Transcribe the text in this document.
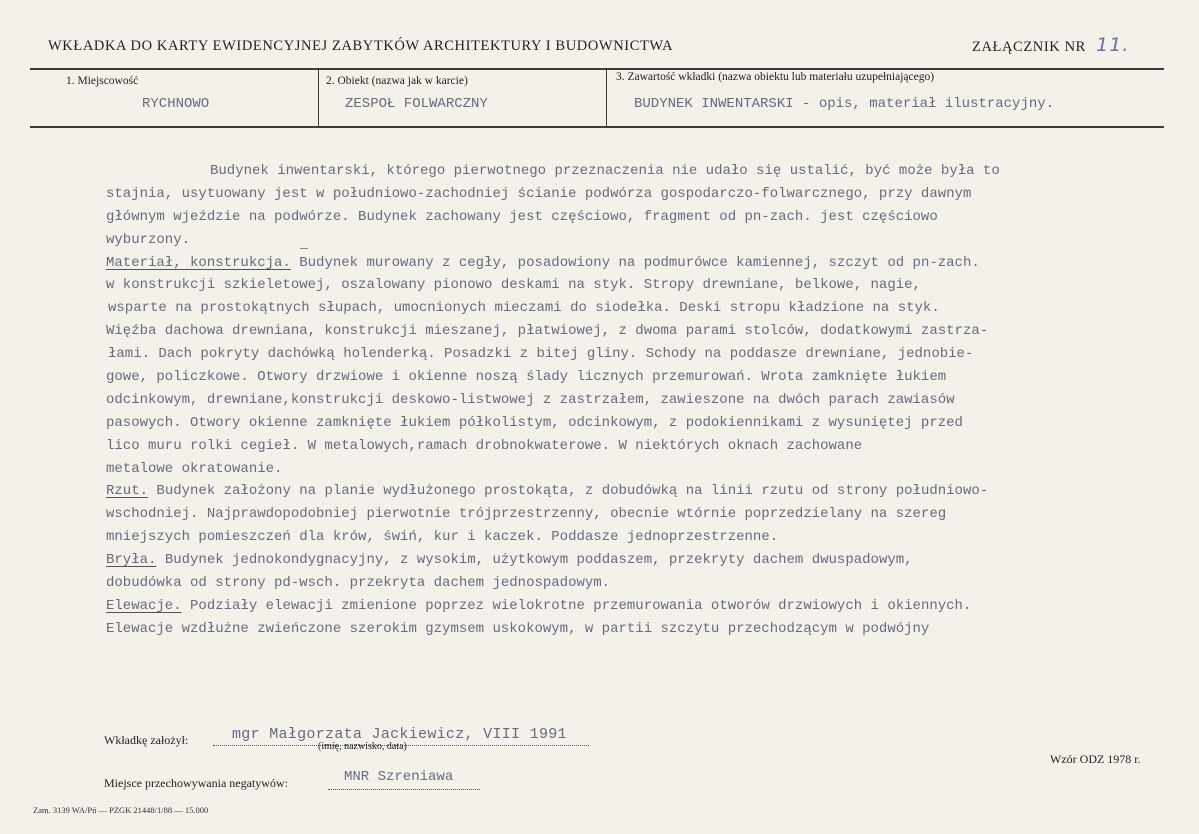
WKŁADKA DO KARTY EWIDENCYJNEJ ZABYTKÓW ARCHITEKTURY I BUDOWNICTWA	ZAŁĄCZNIK NR 11.
1. Miejscowość
RYCHNOWO
2. Obiekt (nazwa jak w karcie)
ZESPOŁ FOLWARCZNY
3. Zawartość wkładki (nazwa obiektu lub materiału uzupełniającego)
BUDYNEK INWENTARSKI - opis, materiał ilustracyjny.
Budynek inwentarski, którego pierwotnego przeznaczenia nie udało się ustalić, być może była to
stajnia, usytuowany jest w południowo-zachodniej ścianie podwórza gospodarczo-folwarcznego, przy dawnym
głównym wjeździe na podwórze. Budynek zachowany jest częściowo, fragment od pn-zach. jest częściowo
wyburzony.
Materiał, konstrukcja. Budynek murowany z cegły, posadowiony na podmurówce kamiennej, szczyt od pn-zach.
w konstrukcji szkieletowej, oszalowany pionowo deskami na styk. Stropy drewniane, belkowe, nagie,
wsparte na prostokątnych słupach, umocnionych mieczami do siodełka. Deski stropu kładzione na styk.
Więźba dachowa drewniana, konstrukcji mieszanej, płatwiowej, z dwoma parami stolców, dodatkowymi zastrza-
łami. Dach pokryty dachówką holenderką. Posadzki z bitej gliny. Schody na poddasze drewniane, jednobie-
gowe, policzkowe. Otwory drzwiowe i okienne noszą ślady licznych przemurowań. Wrota zamknięte łukiem
odcinkowym, drewniane,konstrukcji deskowo-listwowej z zastrzałem, zawieszone na dwóch parach zawiasów
pasowych. Otwory okienne zamknięte łukiem półkolistym, odcinkowym, z podokiennikami z wysuniętej przed
lico muru rolki cegieł. W metalowych,ramach drobnokwaterowe. W niektórych oknach zachowane
metalowe okratowanie.
Rzut. Budynek założony na planie wydłużonego prostokąta, z dobudówką na linii rzutu od strony południowo-
wschodniej. Najprawdopodobniej pierwotnie trójprzestrzenny, obecnie wtórnie poprzedzielany na szereg
mniejszych pomieszczeń dla krów, świń, kur i kaczek. Poddasze jednoprzestrzenne.
Bryła. Budynek jednokondygnacyjny, z wysokim, użytkowym poddaszem, przekryty dachem dwuspadowym,
dobudówka od strony pd-wsch. przekryta dachem jednospadowym.
Elewacje. Podziały elewacji zmienione poprzez wielokrotne przemurowania otworów drzwiowych i okiennych.
Elewacje wzdłużne zwieńczone szerokim gzymsem uskokowym, w partii szczytu przechodzącym w podwójny
Wkładkę założył:	mgr Małgorzata Jackiewicz, VIII 1991
(imię, nazwisko, data)
Wzór ODZ 1978 r.
Miejsce przechowywania negatywów:	MNR Szreniawa
Zam. 3139 WA/Pń — PZGK 21448/1/88 — 15.000
